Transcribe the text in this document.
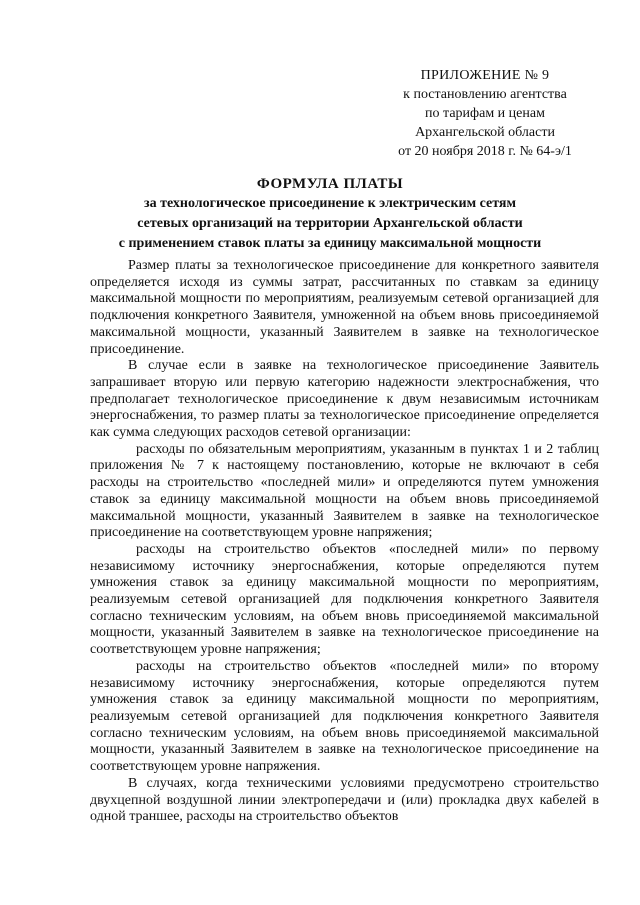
ПРИЛОЖЕНИЕ № 9
к постановлению агентства
по тарифам и ценам
Архангельской области
от 20 ноября 2018 г. № 64-э/1
ФОРМУЛА ПЛАТЫ
за технологическое присоединение к электрическим сетям
сетевых организаций на территории Архангельской области
с применением ставок платы за единицу максимальной мощности

Размер платы за технологическое присоединение для конкретного заявителя определяется исходя из суммы затрат, рассчитанных по ставкам за единицу максимальной мощности по мероприятиям, реализуемым сетевой организацией для подключения конкретного Заявителя, умноженной на объем вновь присоединяемой максимальной мощности, указанный Заявителем в заявке на технологическое присоединение.

В случае если в заявке на технологическое присоединение Заявитель запрашивает вторую или первую категорию надежности электроснабжения, что предполагает технологическое присоединение к двум независимым источникам энергоснабжения, то размер платы за технологическое присоединение определяется как сумма следующих расходов сетевой организации:

расходы по обязательным мероприятиям, указанным в пунктах 1 и 2 таблиц приложения № 7 к настоящему постановлению, которые не включают в себя расходы на строительство «последней мили» и определяются путем умножения ставок за единицу максимальной мощности на объем вновь присоединяемой максимальной мощности, указанный Заявителем в заявке на технологическое присоединение на соответствующем уровне напряжения;

расходы на строительство объектов «последней мили» по первому независимому источнику энергоснабжения, которые определяются путем умножения ставок за единицу максимальной мощности по мероприятиям, реализуемым сетевой организацией для подключения конкретного Заявителя согласно техническим условиям, на объем вновь присоединяемой максимальной мощности, указанный Заявителем в заявке на технологическое присоединение на соответствующем уровне напряжения;

расходы на строительство объектов «последней мили» по второму независимому источнику энергоснабжения, которые определяются путем умножения ставок за единицу максимальной мощности по мероприятиям, реализуемым сетевой организацией для подключения конкретного Заявителя согласно техническим условиям, на объем вновь присоединяемой максимальной мощности, указанный Заявителем в заявке на технологическое присоединение на соответствующем уровне напряжения.

В случаях, когда техническими условиями предусмотрено строительство двухцепной воздушной линии электропередачи и (или) прокладка двух кабелей в одной траншее, расходы на строительство объектов
